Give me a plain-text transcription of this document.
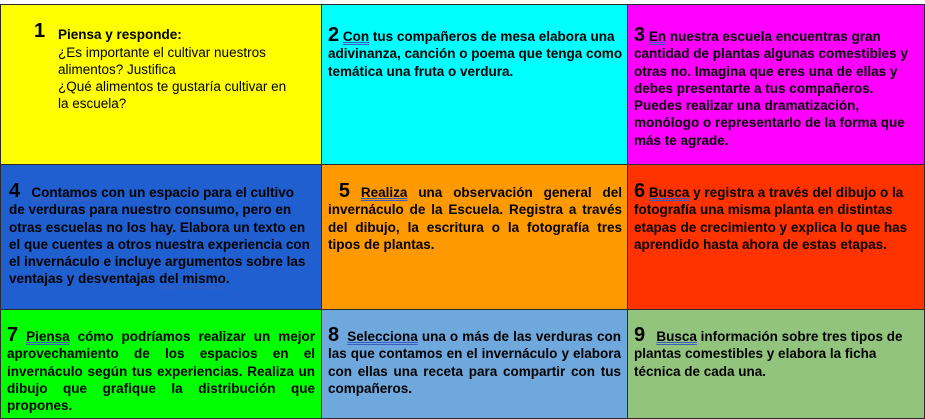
1 Piensa y responde:
¿Es importante el cultivar nuestros
alimentos? Justifica
¿Qué alimentos te gustaría cultivar en
la escuela?
2 Con tus compañeros de mesa elabora una adivinanza, canción o poema que tenga como temática una fruta o verdura.
3 En nuestra escuela encuentras gran
cantidad de plantas algunas comestibles y
otras no. Imagina que eres una de ellas y
debes presentarte a tus compañeros.
Puedes realizar una dramatización,
monólogo o representarlo de la forma que
más te agrade.
4 Contamos con un espacio para el cultivo de verduras para nuestro consumo, pero en otras escuelas no los hay. Elabora un texto en el que cuentes a otros nuestra experiencia con el invernáculo e incluye argumentos sobre las ventajas y desventajas del mismo.
5 Realiza una observación general del invernáculo de la Escuela. Registra a través del dibujo, la escritura o la fotografía tres tipos de plantas.
6 Busca y registra a través del dibujo o la
fotografía una misma planta en distintas
etapas de crecimiento y explica lo que has
aprendido hasta ahora de estas etapas.
7 Piensa cómo podríamos realizar un mejor aprovechamiento de los espacios en el invernáculo según tus experiencias. Realiza un dibujo que grafique la distribución que propones.
8 Selecciona una o más de las verduras con las que contamos en el invernáculo y elabora con ellas una receta para compartir con tus compañeros.
9 Busca información sobre tres tipos de
plantas comestibles y elabora la ficha
técnica de cada una.
